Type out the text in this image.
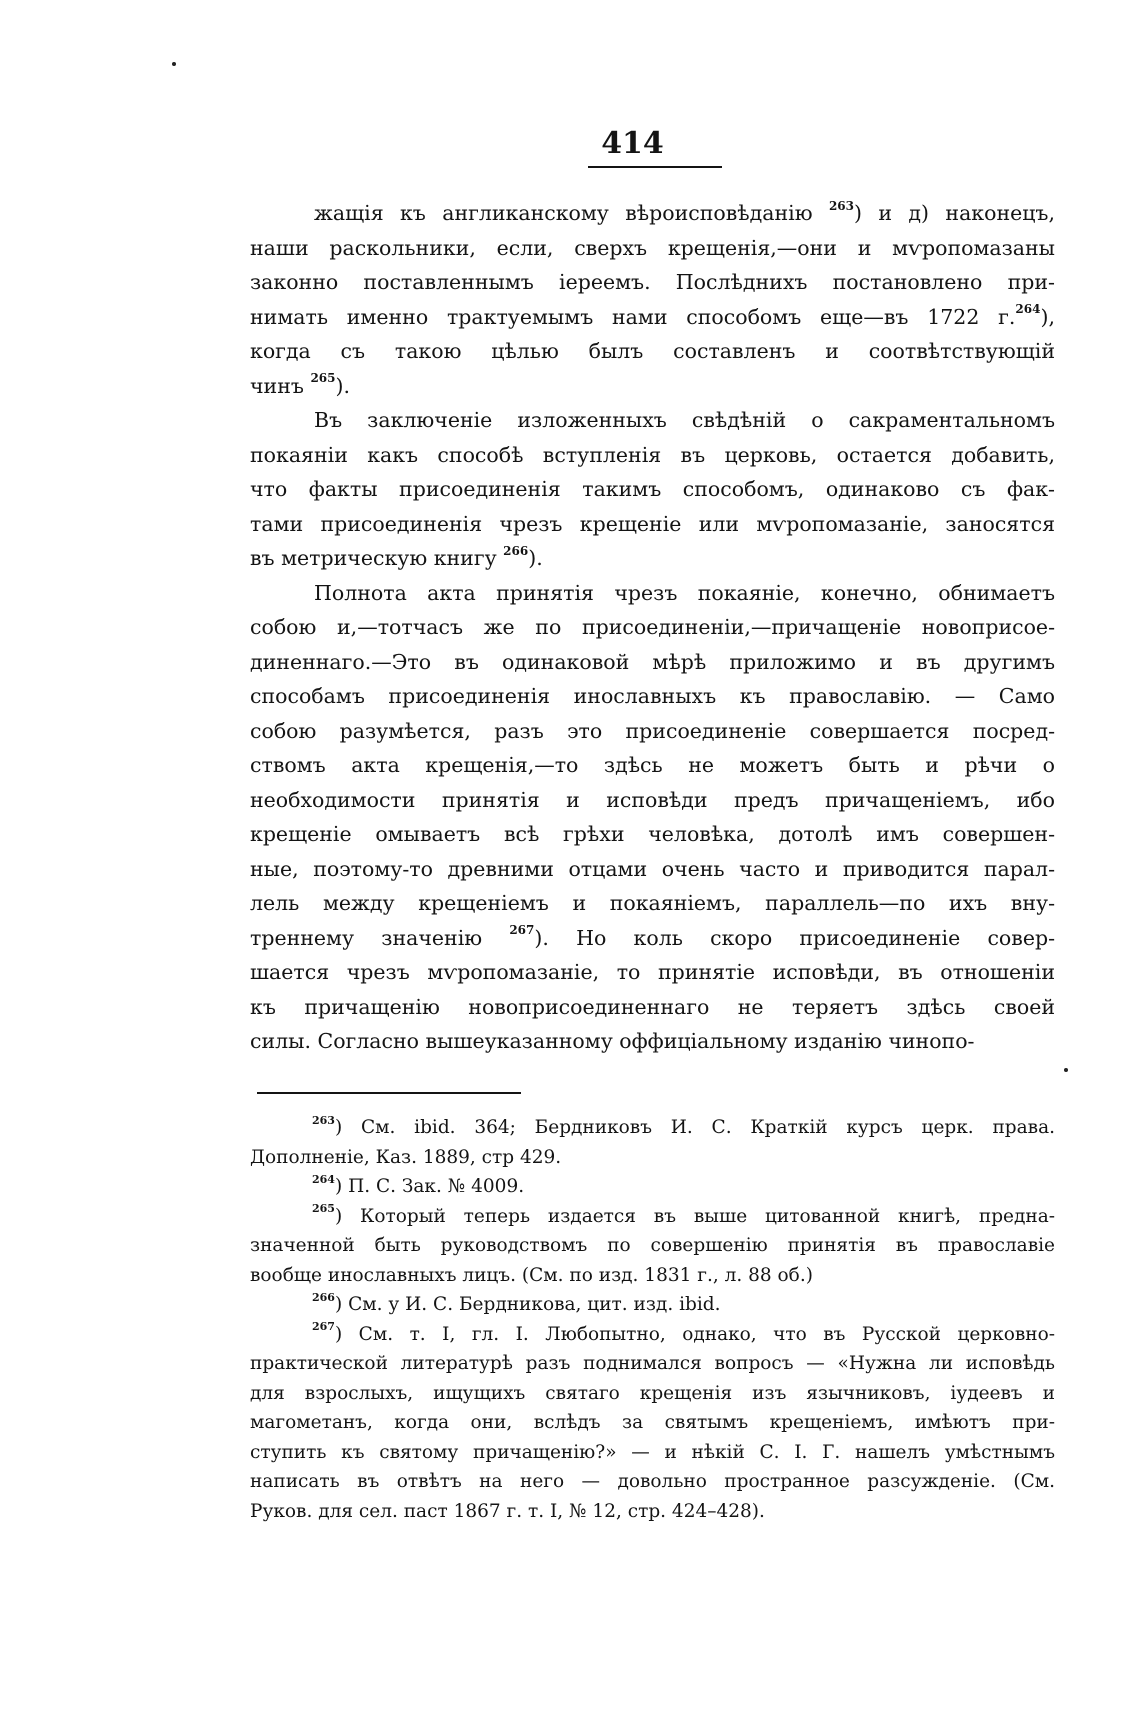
414
жащія къ англиканскому вѣроисповѣданію $^{263}$) и д) наконецъ,
наши раскольники, если, сверхъ крещенія,—они и мѵропомазаны
законно поставленнымъ іереемъ. Послѣднихъ постановлено при-
нимать именно трактуемымъ нами способомъ еще—въ 1722 г.$^{264}$),
когда съ такою цѣлью былъ составленъ и соотвѣтствующій
чинъ $^{265}$).
Въ заключеніе изложенныхъ свѣдѣній о сакраментальномъ
покаяніи какъ способѣ вступленія въ церковь, остается добавить,
что факты присоединенія такимъ способомъ, одинаково съ фак-
тами присоединенія чрезъ крещеніе или мѵропомазаніе, заносятся
въ метрическую книгу $^{266}$).
Полнота акта принятія чрезъ покаяніе, конечно, обнимаетъ
собою и,—тотчасъ же по присоединеніи,—причащеніе новоприсое-
диненнаго.—Это въ одинаковой мѣрѣ приложимо и въ другимъ
способамъ присоединенія инославныхъ къ православію. — Само
собою разумѣется, разъ это присоединеніе совершается посред-
ствомъ акта крещенія,—то здѣсь не можетъ быть и рѣчи о
необходимости принятія и исповѣди предъ причащеніемъ, ибо
крещеніе омываетъ всѣ грѣхи человѣка, дотолѣ имъ совершен-
ные, поэтому-то древними отцами очень часто и приводится парал-
лель между крещеніемъ и покаяніемъ, параллель—по ихъ вну-
треннему значенію $^{267}$). Но коль скоро присоединеніе совер-
шается чрезъ мѵропомазаніе, то принятіе исповѣди, въ отношеніи
къ причащенію новоприсоединеннаго не теряетъ здѣсь своей
силы. Согласно вышеуказанному оффиціальному изданію чинопо-
$^{263}$) См. ibid. 364; Бердниковъ И. С. Краткій курсъ церк. права.
Дополненіе, Каз. 1889, стр 429.
$^{264}$) П. С. Зак. № 4009.
$^{265}$) Который теперь издается въ выше цитованной книгѣ, предна-
значенной быть руководствомъ по совершенію принятія въ православіе
вообще инославныхъ лицъ. (См. по изд. 1831 г., л. 88 об.)
$^{266}$) См. у И. С. Бердникова, цит. изд. ibid.
$^{267}$) См. т. I, гл. I. Любопытно, однако, что въ Русской церковно-
практической литературѣ разъ поднимался вопросъ — «Нужна ли исповѣдь
для взрослыхъ, ищущихъ святаго крещенія изъ язычниковъ, іудеевъ и
магометанъ, когда они, вслѣдъ за святымъ крещеніемъ, имѣютъ при-
ступить къ святому причащенію?» — и нѣкій С. І. Г. нашелъ умѣстнымъ
написать въ отвѣтъ на него — довольно пространное разсужденіе. (См.
Руков. для сел. паст 1867 г. т. I, № 12, стр. 424–428).
